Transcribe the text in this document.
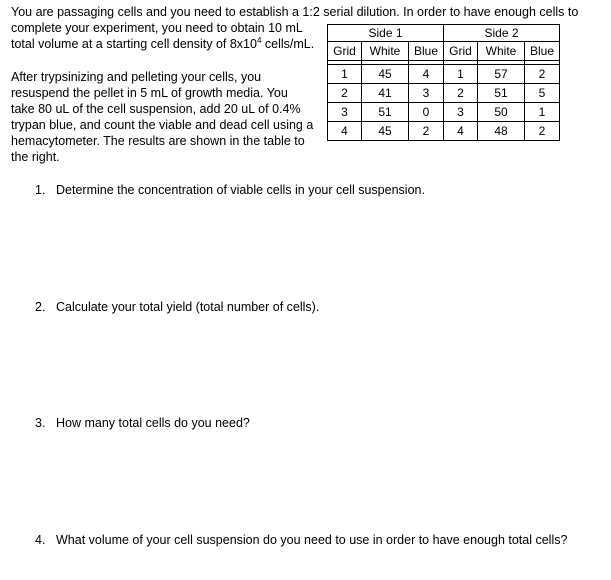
You are passaging cells and you need to establish a 1:2 serial dilution. In order to have enough cells to
complete your experiment, you need to obtain 10 mL
total volume at a starting cell density of $8x10^4$ cells/mL.
After trypsinizing and pelleting your cells, you
resuspend the pellet in 5 mL of growth media. You
take 80 uL of the cell suspension, add 20 uL of 0.4%
trypan blue, and count the viable and dead cell using a
hemacytometer. The results are shown in the table to
the right.
Side 1			Side 2		
Grid	White	Blue	Grid	White	Blue

1	45	4	1	57	2
2	41	3	2	51	5
3	51	0	3	50	1
4	45	2	4	48	2
1. Determine the concentration of viable cells in your cell suspension.
2. Calculate your total yield (total number of cells).
3. How many total cells do you need?
4. What volume of your cell suspension do you need to use in order to have enough total cells?
